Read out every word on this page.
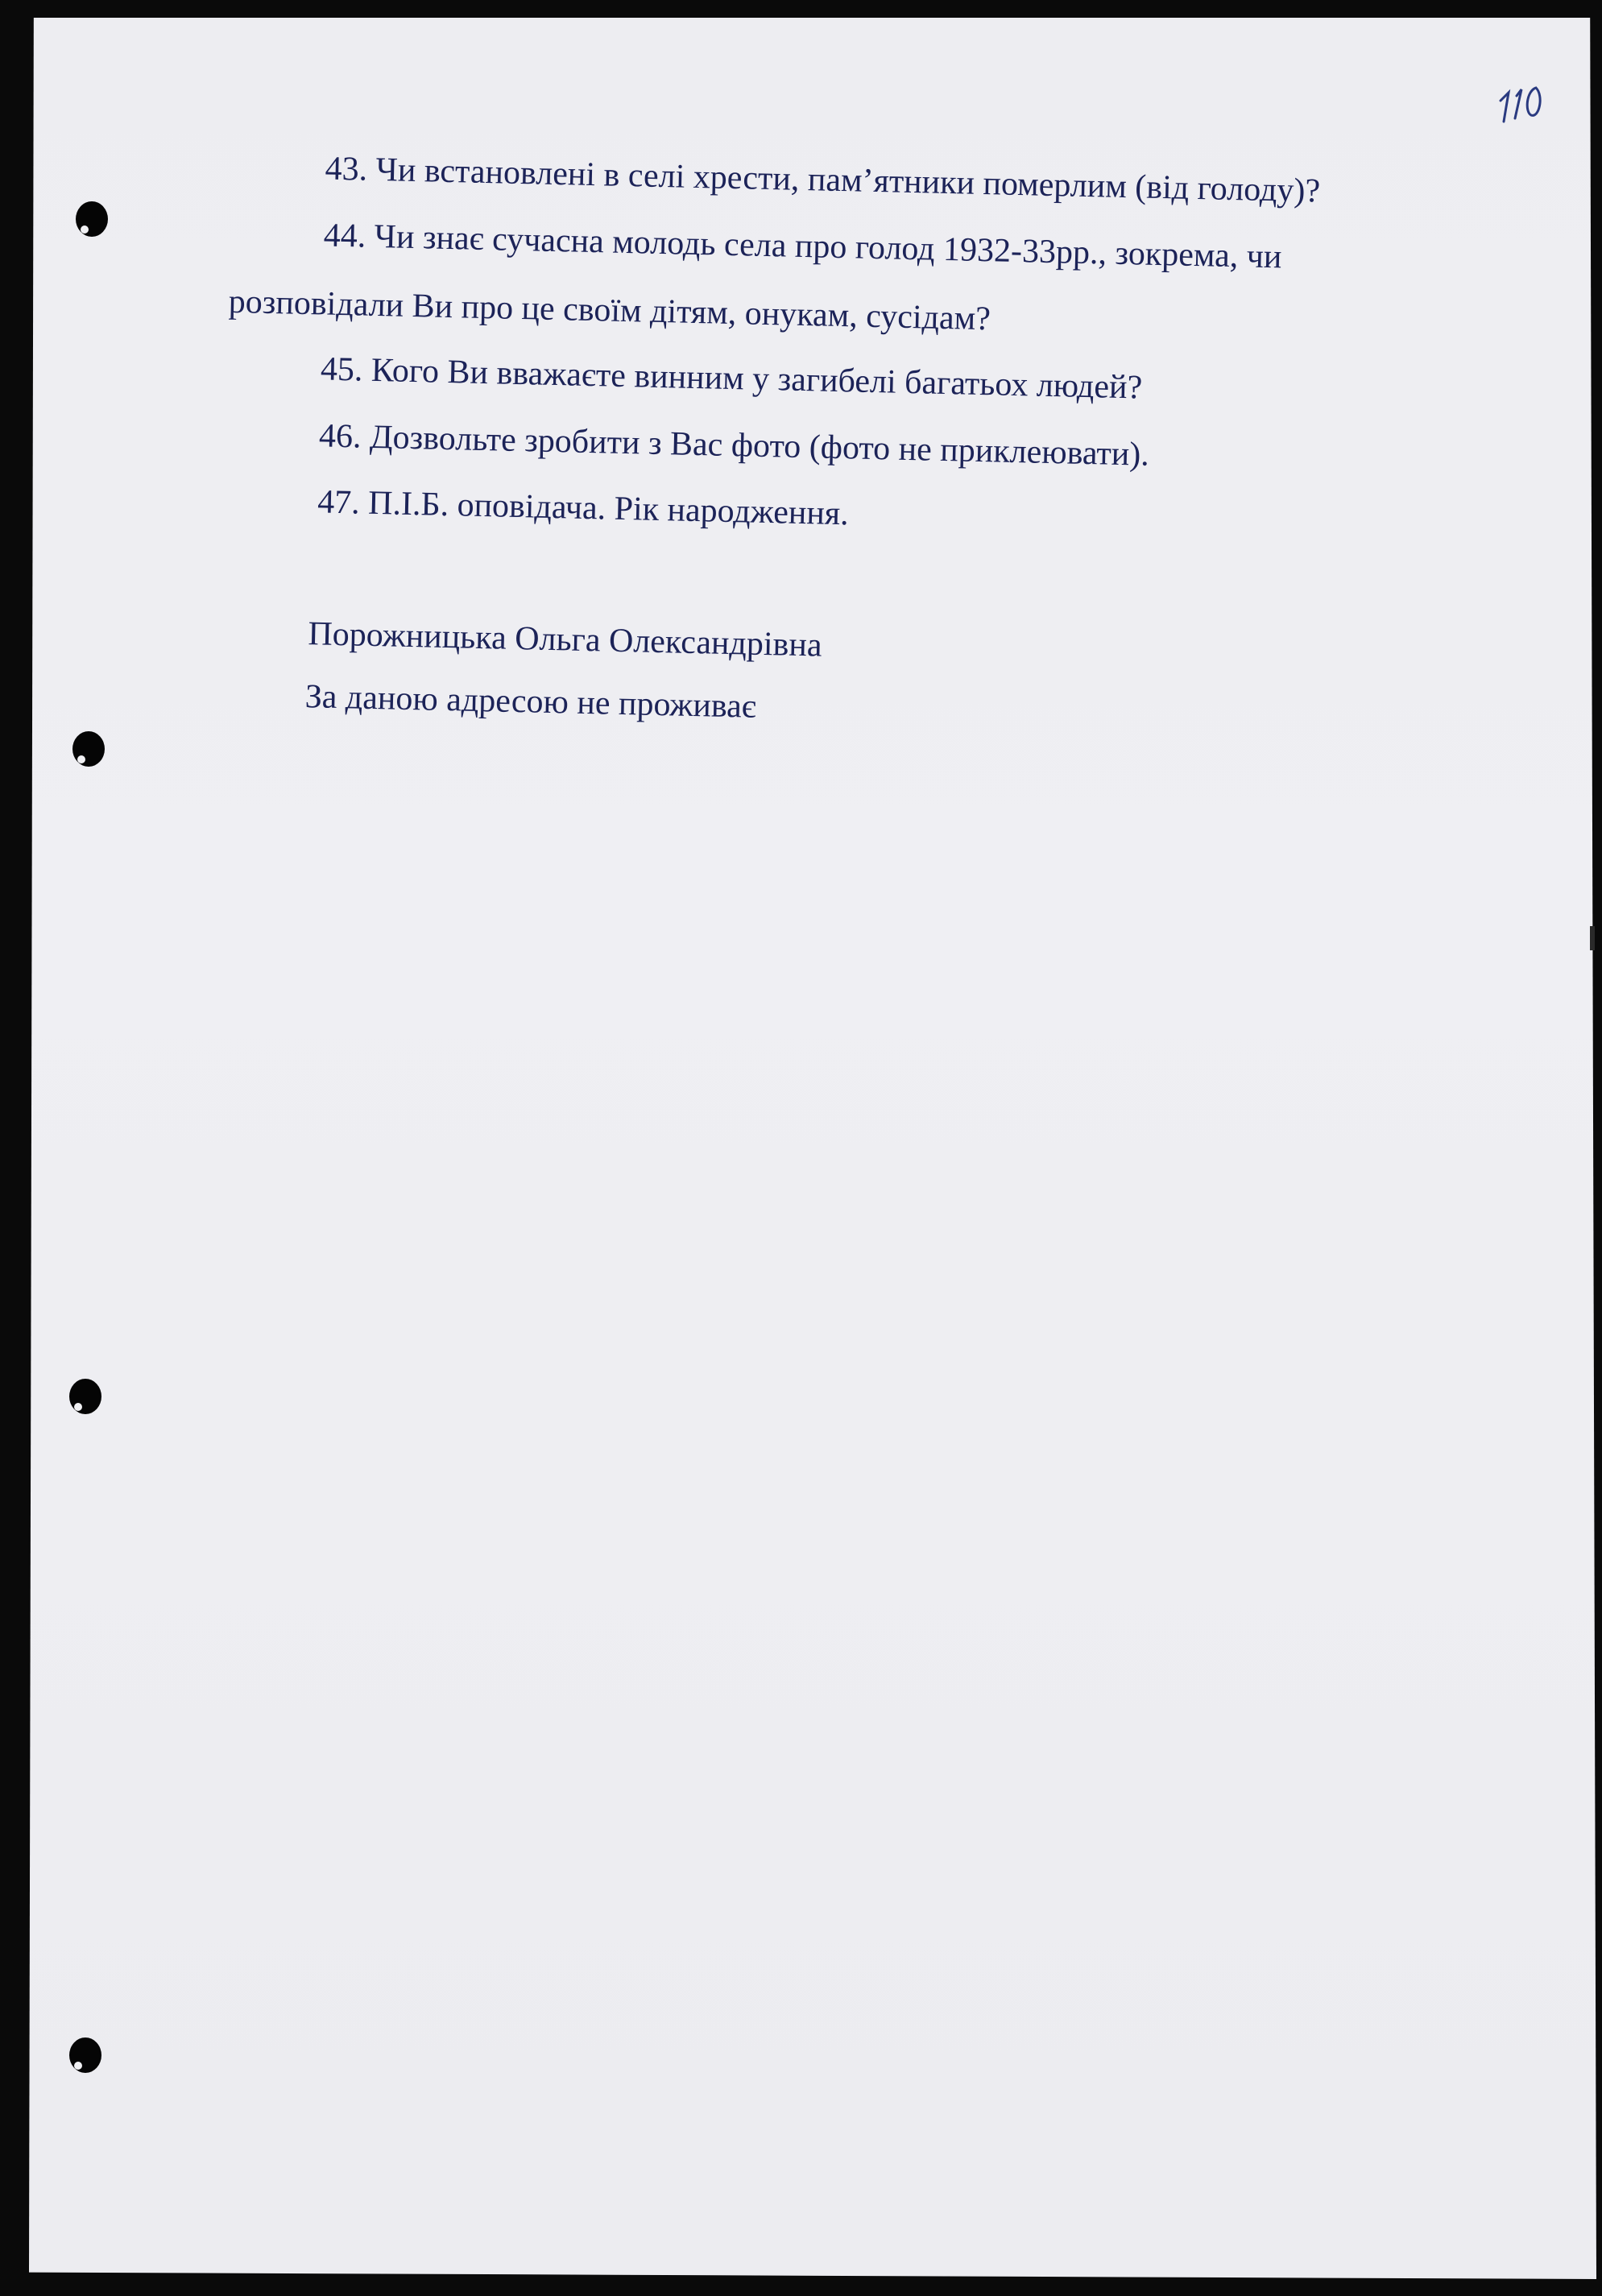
43. Чи встановлені в селі хрести, пам’ятники померлим (від голоду)?
44. Чи знає сучасна молодь села про голод 1932-33рр., зокрема, чи
розповідали Ви про це своїм дітям, онукам, сусідам?
45. Кого Ви вважаєте винним у загибелі багатьох людей?
46. Дозвольте зробити з Вас фото (фото не приклеювати).
47. П.І.Б. оповідача. Рік народження.
Порожницька Ольга Олександрівна
За даною адресою не проживає
